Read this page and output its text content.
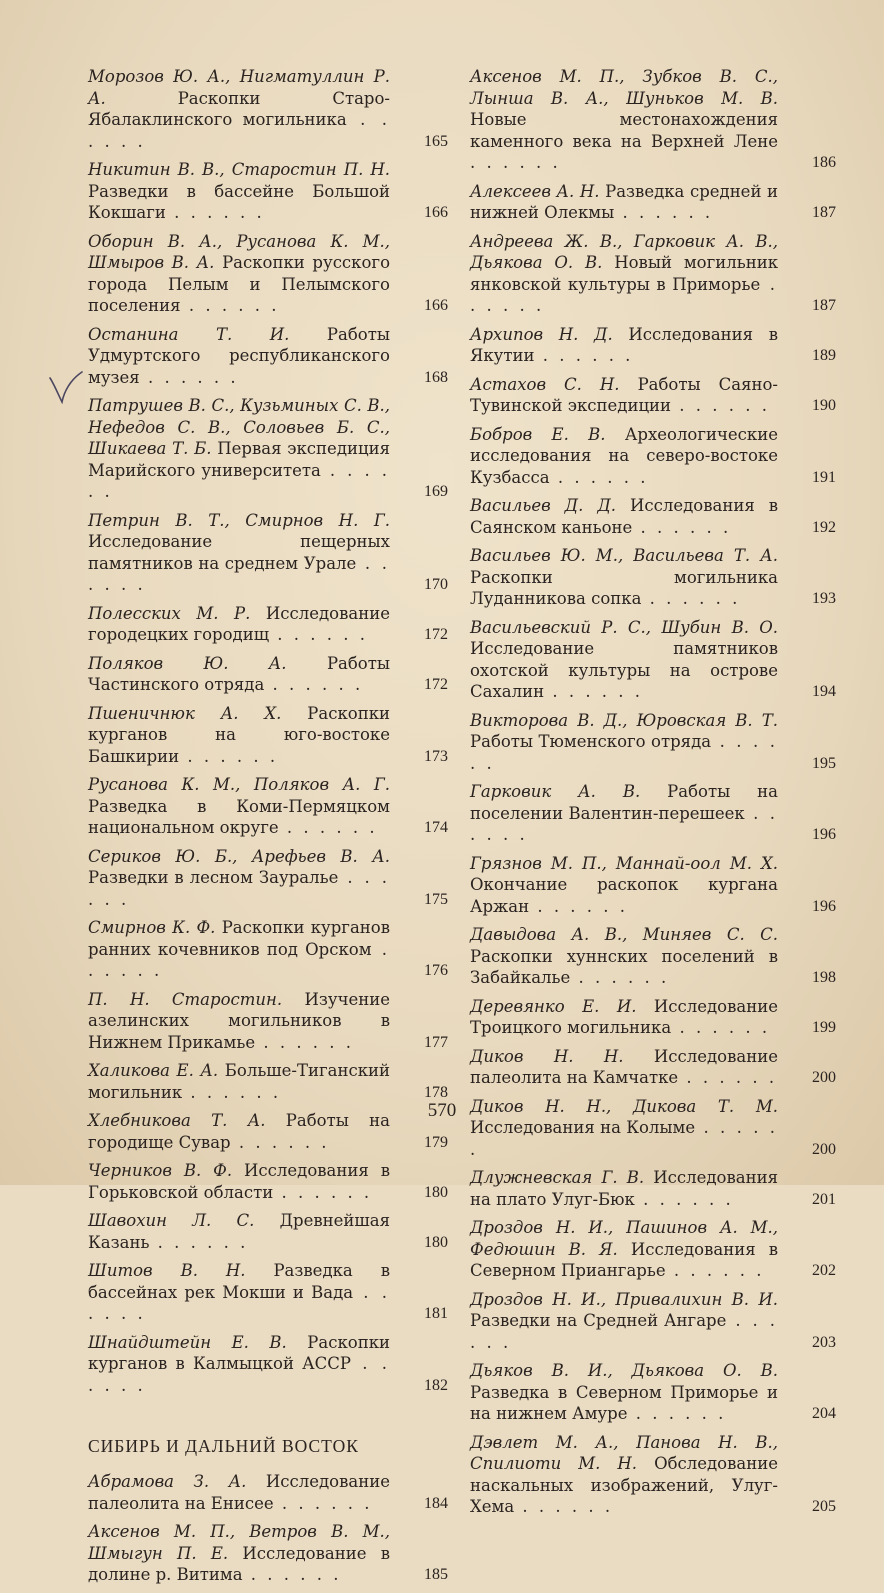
Морозов Ю. А., Нигматуллин Р. А.	Раскопки Старо-Ябалаклинского могильника . . . . . .	165
Никитин В. В., Старостин П. Н. Разведки в бассейне Большой Кокшаги . . . . . .	166
Оборин В. А., Русанова К. М., Шмыров В. А. Раскопки русского города Пелым и Пелымского поселения . . . . . .	166
Останина Т. И. Работы Удмуртского республиканского музея . . . . . .	168
Патрушев В. С., Кузьминых С. В., Нефедов С. В., Соловьев Б. С., Шикаева Т. Б. Первая экспедиция Марийского университета . . . . . .	169
Петрин В. Т., Смирнов Н. Г. Исследование пещерных памятников на среднем Урале . . . . . .	170
Полесских М. Р. Исследование городецких городищ . . . . . .	172
Поляков Ю. А. Работы Частинского отряда . . . . . .	172
Пшеничнюк А. Х. Раскопки курганов на юго-востоке Башкирии . . . . . .	173
Русанова К. М., Поляков А. Г. Разведка в Коми-Пермяцком национальном округе . . . . . .	174
Сериков Ю. Б., Арефьев В. А. Разведки в лесном Зауралье . . . . . .	175
Смирнов К. Ф. Раскопки курганов ранних кочевников под Орском . . . . . .	176
П. Н. Старостин. Изучение азелинских могильников в Нижнем Прикамье . . . . . .	177
Халикова Е. А. Больше-Тиганский могильник . . . . . .	178
Хлебникова Т. А. Работы на городище Сувар . . . . . .	179
Черников В. Ф. Исследования в Горьковской области . . . . . .	180
Шавохин Л. С. Древнейшая Казань . . . . . .	180
Шитов В. Н. Разведка в бассейнах рек Мокши и Вада . . . . . .	181
Шнайдштейн Е. В. Раскопки курганов в Калмыцкой АССР . . . . . .	182
СИБИРЬ И ДАЛЬНИЙ ВОСТОК
Абрамова З. А. Исследование палеолита на Енисее . . . . . .	184
Аксенов М. П., Ветров В. М., Шмыгун П. Е. Исследование в долине р. Витима . . . . . .	185
Аксенов М. П., Зубков В. С., Лынша В. А., Шуньков М. В. Новые местонахождения каменного века на Верхней Лене . . . . . .	186
Алексеев А. Н. Разведка средней и нижней Олекмы . . . . . .	187
Андреева Ж. В., Гарковик А. В., Дьякова О. В. Новый могильник янковской культуры в Приморье . . . . . .	187
Архипов Н. Д. Исследования в Якутии . . . . . .	189
Астахов С. Н. Работы Саяно-Тувинской экспедиции . . . . . .	190
Бобров Е. В. Археологические исследования на северо-востоке Кузбасса . . . . . .	191
Васильев Д. Д. Исследования в Саянском каньоне . . . . . .	192
Васильев Ю. М., Васильева Т. А. Раскопки могильника Луданникова сопка . . . . . .	193
Васильевский Р. С., Шубин В. О. Исследование памятников охотской культуры на острове Сахалин . . . . . .	194
Викторова В. Д., Юровская В. Т. Работы Тюменского отряда . . . . . .	195
Гарковик А. В. Работы на поселении Валентин-перешеек . . . . . .	196
Грязнов М. П., Маннай-оол М. Х. Окончание раскопок кургана Аржан . . . . . .	196
Давыдова А. В., Миняев С. С. Раскопки хуннских поселений в Забайкалье . . . . . .	198
Деревянко Е. И. Исследование Троицкого могильника . . . . . .	199
Диков Н. Н. Исследование палеолита на Камчатке . . . . . . 200
Диков Н. Н., Дикова Т. М. Исследования на Колыме . . . . . .	200
Длужневская Г. В. Исследования на плато Улуг-Бюк . . . . . .	201
Дроздов Н. И., Пашинов А. М., Федюшин В. Я. Исследования в Северном Приангарье . . . . . .	202
Дроздов Н. И., Привалихин В. И. Разведки на Средней Ангаре . . . . . .	203
Дьяков В. И., Дьякова О. В. Разведка в Северном Приморье и на нижнем Амуре . . . . . .	204
Дэвлет М. А., Панова Н. В., Спилиоти М. Н. Обследование наскальных изображений, Улуг-Хема . . . . . .	205
570
